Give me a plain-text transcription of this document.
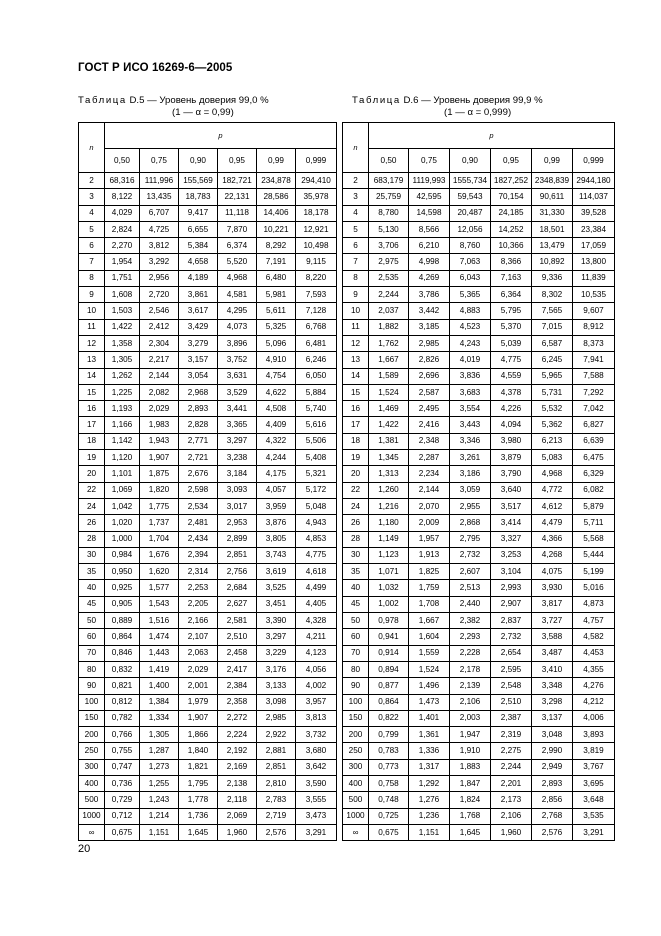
ГОСТ Р ИСО 16269-6—2005
Таблица D.5 — Уровень доверия 99,0 %
(1 — α = 0,99)
Таблица D.6 — Уровень доверия 99,9 %
(1 — α = 0,999)
n	p					
	0,50	0,75	0,90	0,95	0,99	0,999
2	68,316	111,996	155,569	182,721	234,878	294,410
3	8,122	13,435	18,783	22,131	28,586	35,978
4	4,029	6,707	9,417	11,118	14,406	18,178
5	2,824	4,725	6,655	7,870	10,221	12,921
6	2,270	3,812	5,384	6,374	8,292	10,498
7	1,954	3,292	4,658	5,520	7,191	9,115
8	1,751	2,956	4,189	4,968	6,480	8,220
9	1,608	2,720	3,861	4,581	5,981	7,593
10	1,503	2,546	3,617	4,295	5,611	7,128
11	1,422	2,412	3,429	4,073	5,325	6,768
12	1,358	2,304	3,279	3,896	5,096	6,481
13	1,305	2,217	3,157	3,752	4,910	6,246
14	1,262	2,144	3,054	3,631	4,754	6,050
15	1,225	2,082	2,968	3,529	4,622	5,884
16	1,193	2,029	2,893	3,441	4,508	5,740
17	1,166	1,983	2,828	3,365	4,409	5,616
18	1,142	1,943	2,771	3,297	4,322	5,506
19	1,120	1,907	2,721	3,238	4,244	5,408
20	1,101	1,875	2,676	3,184	4,175	5,321
22	1,069	1,820	2,598	3,093	4,057	5,172
24	1,042	1,775	2,534	3,017	3,959	5,048
26	1,020	1,737	2,481	2,953	3,876	4,943
28	1,000	1,704	2,434	2,899	3,805	4,853
30	0,984	1,676	2,394	2,851	3,743	4,775
35	0,950	1,620	2,314	2,756	3,619	4,618
40	0,925	1,577	2,253	2,684	3,525	4,499
45	0,905	1,543	2,205	2,627	3,451	4,405
50	0,889	1,516	2,166	2,581	3,390	4,328
60	0,864	1,474	2,107	2,510	3,297	4,211
70	0,846	1,443	2,063	2,458	3,229	4,123
80	0,832	1,419	2,029	2,417	3,176	4,056
90	0,821	1,400	2,001	2,384	3,133	4,002
100	0,812	1,384	1,979	2,358	3,098	3,957
150	0,782	1,334	1,907	2,272	2,985	3,813
200	0,766	1,305	1,866	2,224	2,922	3,732
250	0,755	1,287	1,840	2,192	2,881	3,680
300	0,747	1,273	1,821	2,169	2,851	3,642
400	0,736	1,255	1,795	2,138	2,810	3,590
500	0,729	1,243	1,778	2,118	2,783	3,555
1000	0,712	1,214	1,736	2,069	2,719	3,473
∞	0,675	1,151	1,645	1,960	2,576	3,291
n	p					
	0,50	0,75	0,90	0,95	0,99	0,999
2	683,179	1119,993	1555,734	1827,252	2348,839	2944,180
3	25,759	42,595	59,543	70,154	90,611	114,037
4	8,780	14,598	20,487	24,185	31,330	39,528
5	5,130	8,566	12,056	14,252	18,501	23,384
6	3,706	6,210	8,760	10,366	13,479	17,059
7	2,975	4,998	7,063	8,366	10,892	13,800
8	2,535	4,269	6,043	7,163	9,336	11,839
9	2,244	3,786	5,365	6,364	8,302	10,535
10	2,037	3,442	4,883	5,795	7,565	9,607
11	1,882	3,185	4,523	5,370	7,015	8,912
12	1,762	2,985	4,243	5,039	6,587	8,373
13	1,667	2,826	4,019	4,775	6,245	7,941
14	1,589	2,696	3,836	4,559	5,965	7,588
15	1,524	2,587	3,683	4,378	5,731	7,292
16	1,469	2,495	3,554	4,226	5,532	7,042
17	1,422	2,416	3,443	4,094	5,362	6,827
18	1,381	2,348	3,346	3,980	6,213	6,639
19	1,345	2,287	3,261	3,879	5,083	6,475
20	1,313	2,234	3,186	3,790	4,968	6,329
22	1,260	2,144	3,059	3,640	4,772	6,082
24	1,216	2,070	2,955	3,517	4,612	5,879
26	1,180	2,009	2,868	3,414	4,479	5,711
28	1,149	1,957	2,795	3,327	4,366	5,568
30	1,123	1,913	2,732	3,253	4,268	5,444
35	1,071	1,825	2,607	3,104	4,075	5,199
40	1,032	1,759	2,513	2,993	3,930	5,016
45	1,002	1,708	2,440	2,907	3,817	4,873
50	0,978	1,667	2,382	2,837	3,727	4,757
60	0,941	1,604	2,293	2,732	3,588	4,582
70	0,914	1,559	2,228	2,654	3,487	4,453
80	0,894	1,524	2,178	2,595	3,410	4,355
90	0,877	1,496	2,139	2,548	3,348	4,276
100	0,864	1,473	2,106	2,510	3,298	4,212
150	0,822	1,401	2,003	2,387	3,137	4,006
200	0,799	1,361	1,947	2,319	3,048	3,893
250	0,783	1,336	1,910	2,275	2,990	3,819
300	0,773	1,317	1,883	2,244	2,949	3,767
400	0,758	1,292	1,847	2,201	2,893	3,695
500	0,748	1,276	1,824	2,173	2,856	3,648
1000	0,725	1,236	1,768	2,106	2,768	3,535
∞	0,675	1,151	1,645	1,960	2,576	3,291
20
